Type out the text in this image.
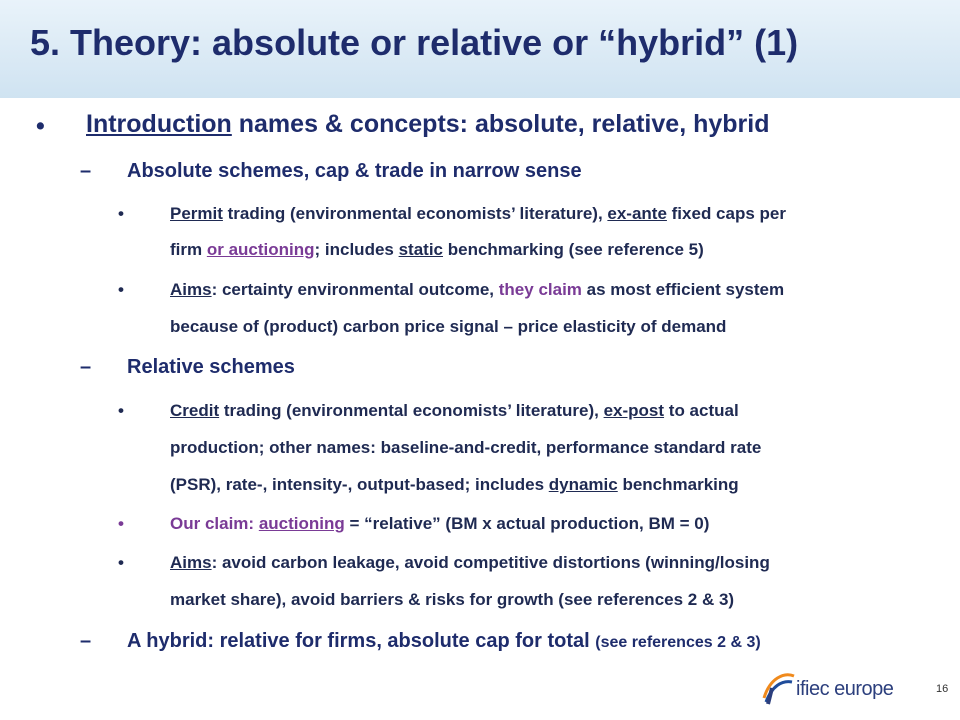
5. Theory: absolute or relative or “hybrid” (1)
• Introduction names & concepts: absolute, relative, hybrid
– Absolute schemes, cap & trade in narrow sense
•	Permit trading (environmental economists’ literature), ex-ante fixed caps per
firm or auctioning; includes static benchmarking (see reference 5)
•	Aims: certainty environmental outcome, they claim as most efficient system
because of (product) carbon price signal – price elasticity of demand
– Relative schemes
•	Credit trading (environmental economists’ literature), ex-post to actual
production; other names: baseline-and-credit, performance standard rate
(PSR), rate-, intensity-, output-based; includes dynamic benchmarking
•	Our claim: auctioning = “relative” (BM x actual production, BM = 0)
•	Aims: avoid carbon leakage, avoid competitive distortions (winning/losing
market share), avoid barriers & risks for growth (see references 2 & 3)
– A hybrid: relative for firms, absolute cap for total (see references 2 & 3)
ifiec europe	16
